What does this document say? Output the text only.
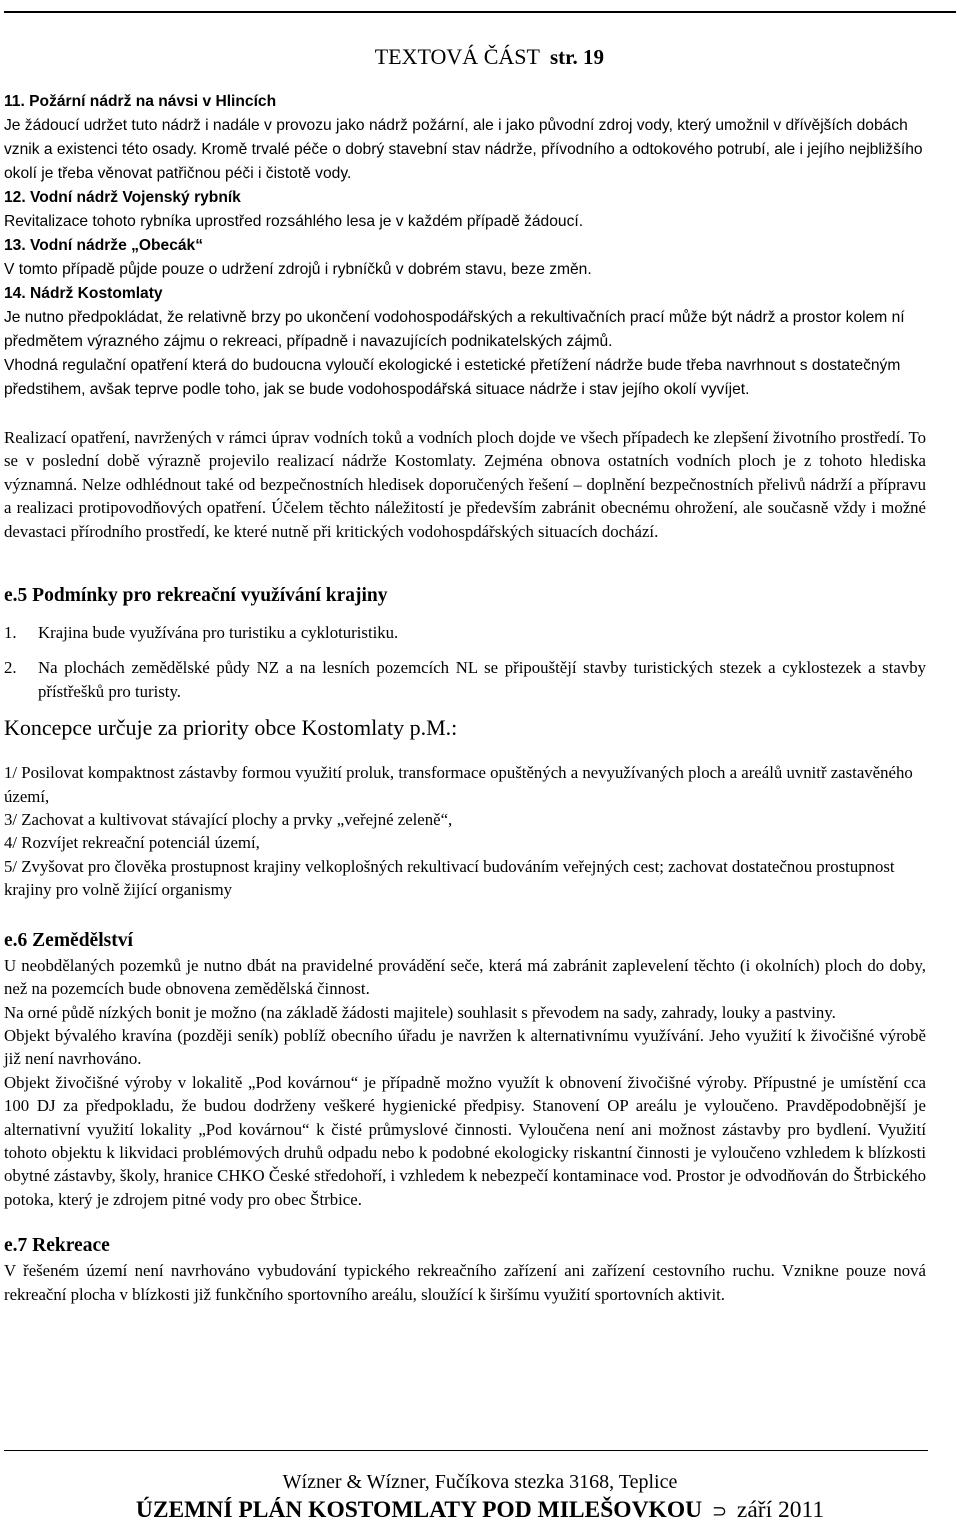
TEXTOVÁ ČÁST str. 19

11. Požární nádrž na návsi v Hlincích

Je žádoucí udržet tuto nádrž i nadále v provozu jako nádrž požární, ale i jako původní zdroj vody, který umožnil v dřívějších dobách vznik a existenci této osady. Kromě trvalé péče o dobrý stavební stav nádrže, přívodního a odtokového potrubí, ale i jejího nejbližšího okolí je třeba věnovat patřičnou péči i čistotě vody.

12. Vodní nádrž Vojenský rybník

Revitalizace tohoto rybníka uprostřed rozsáhlého lesa je v každém případě žádoucí.

13. Vodní nádrže „Obecák“

V tomto případě půjde pouze o udržení zdrojů i rybníčků v dobrém stavu, beze změn.

14. Nádrž Kostomlaty

Je nutno předpokládat, že relativně brzy po ukončení vodohospodářských a rekultivačních prací může být nádrž a prostor kolem ní předmětem výrazného zájmu o rekreaci, případně i navazujících podnikatelských zájmů.

Vhodná regulační opatření která do budoucna vyloučí ekologické i estetické přetížení nádrže bude třeba navrhnout s dostatečným předstihem, avšak teprve podle toho, jak se bude vodohospodářská situace nádrže i stav jejího okolí vyvíjet.

Realizací opatření, navržených v rámci úprav vodních toků a vodních ploch dojde ve všech případech ke zlepšení životního prostředí. To se v poslední době výrazně projevilo realizací nádrže Kostomlaty. Zejména obnova ostatních vodních ploch je z tohoto hlediska významná. Nelze odhlédnout také od bezpečnostních hledisek doporučených řešení – doplnění bezpečnostních přelivů nádrží a přípravu a realizaci protipovodňových opatření. Účelem těchto náležitostí je především zabránit obecnému ohrožení, ale současně vždy i možné devastaci přírodního prostředí, ke které nutně při kritických vodohospdářských situacích dochází.

e.5 Podmínky pro rekreační využívání krajiny

1.	Krajina bude využívána pro turistiku a cykloturistiku.
2.	Na plochách zemědělské půdy NZ a na lesních pozemcích NL se připouštějí stavby turistických stezek a cyklostezek a stavby přístřešků pro turisty.

Koncepce určuje za priority obce Kostomlaty p.M.:

1/ Posilovat kompaktnost zástavby formou využití proluk, transformace opuštěných a nevyužívaných ploch a areálů uvnitř zastavěného území,

3/ Zachovat a kultivovat stávající plochy a prvky „veřejné zeleně“,

4/ Rozvíjet rekreační potenciál území,

5/ Zvyšovat pro člověka prostupnost krajiny velkoplošných rekultivací budováním veřejných cest; zachovat dostatečnou prostupnost krajiny pro volně žijící organismy

e.6 Zemědělství

U neobdělaných pozemků je nutno dbát na pravidelné provádění seče, která má zabránit zaplevelení těchto (i okolních) ploch do doby, než na pozemcích bude obnovena zemědělská činnost.

Na orné půdě nízkých bonit je možno (na základě žádosti majitele) souhlasit s převodem na sady, zahrady, louky a pastviny.

Objekt bývalého kravína (později seník) poblíž obecního úřadu je navržen k alternativnímu využívání. Jeho využití k živočišné výrobě již není navrhováno.

Objekt živočišné výroby v lokalitě „Pod kovárnou“ je případně možno využít k obnovení živočišné výroby. Přípustné je umístění cca 100 DJ za předpokladu, že budou dodrženy veškeré hygienické předpisy. Stanovení OP areálu je vyloučeno. Pravděpodobnější je alternativní využití lokality „Pod kovárnou“ k čisté průmyslové činnosti. Vyloučena není ani možnost zástavby pro bydlení. Využití tohoto objektu k likvidaci problémových druhů odpadu nebo k podobné ekologicky riskantní činnosti je vyloučeno vzhledem k blízkosti obytné zástavby, školy, hranice CHKO České středohoří, i vzhledem k nebezpečí kontaminace vod. Prostor je odvodňován do Štrbického potoka, který je zdrojem pitné vody pro obec Štrbice.

e.7 Rekreace

V řešeném území není navrhováno vybudování typického rekreačního zařízení ani zařízení cestovního ruchu. Vznikne pouze nová rekreační plocha v blízkosti již funkčního sportovního areálu, sloužící k širšímu využití sportovních aktivit.

Wízner & Wízner, Fučíkova stezka 3168, Teplice
ÚZEMNÍ PLÁN KOSTOMLATY POD MILEŠOVKOU ⊃ září 2011
